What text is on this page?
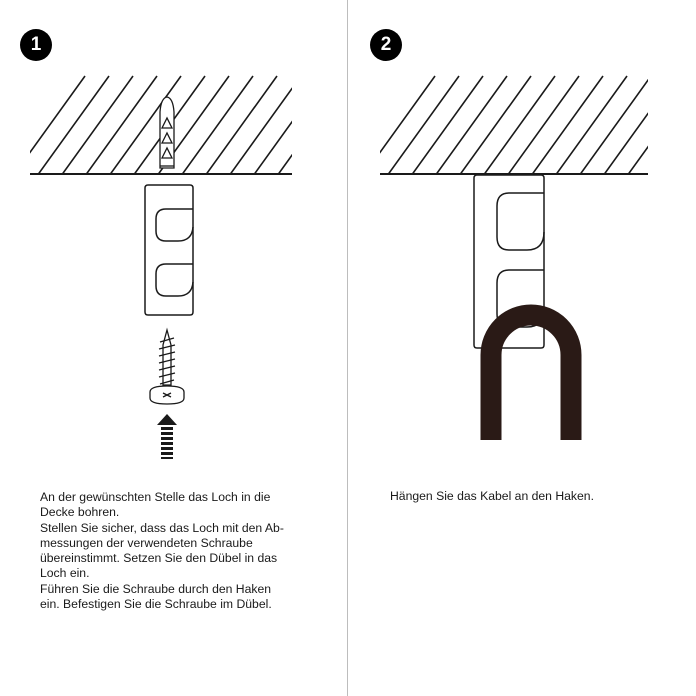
1	2

An der gewünschten Stelle das Loch in die

Decke bohren.

Stellen Sie sicher, dass das Loch mit den Ab-

messungen der verwendeten Schraube

übereinstimmt. Setzen Sie den Dübel in das

Loch ein.

Führen Sie die Schraube durch den Haken

ein. Befestigen Sie die Schraube im Dübel.

Hängen Sie das Kabel an den Haken.
